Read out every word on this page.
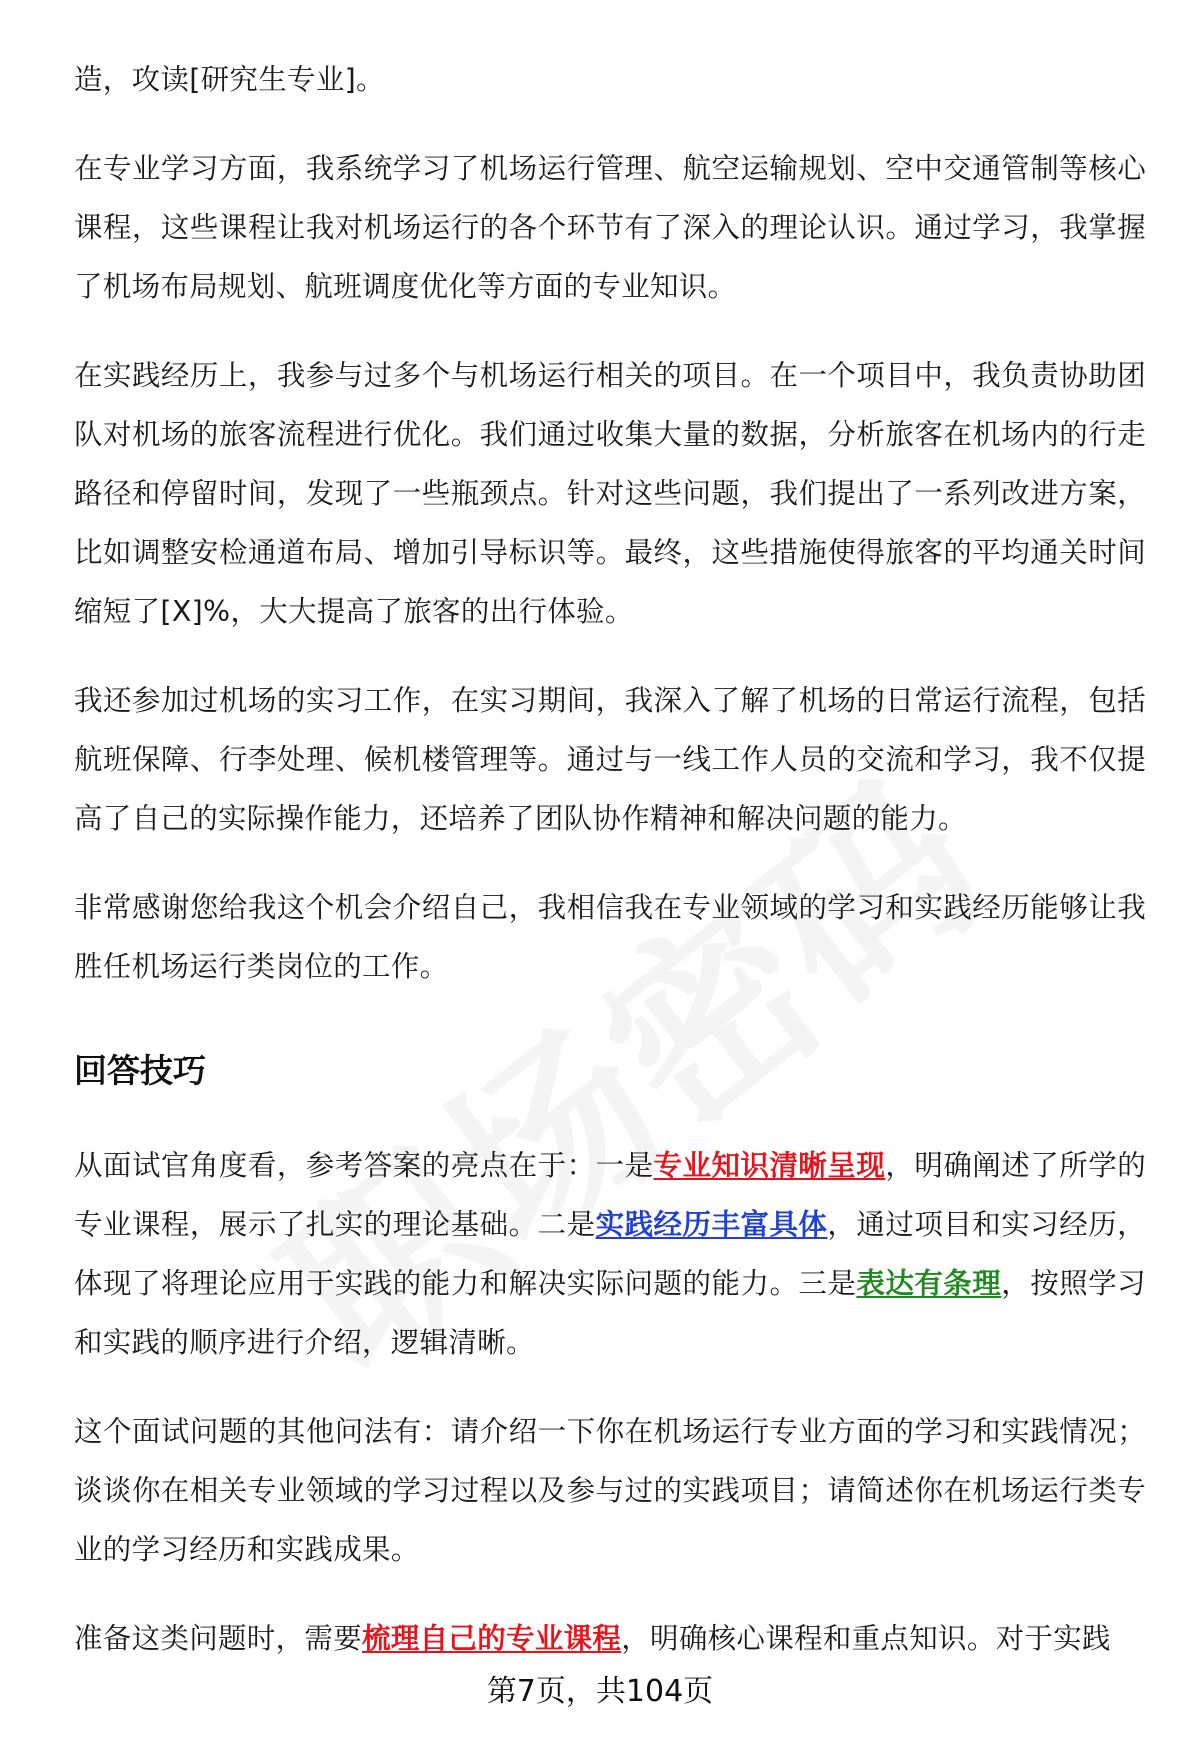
造，攻读[研究生专业]。

在专业学习方面，我系统学习了机场运行管理、航空运输规划、空中交通管制等核心课程，这些课程让我对机场运行的各个环节有了深入的理论认识。通过学习，我掌握了机场布局规划、航班调度优化等方面的专业知识。

在实践经历上，我参与过多个与机场运行相关的项目。在一个项目中，我负责协助团队对机场的旅客流程进行优化。我们通过收集大量的数据，分析旅客在机场内的行走路径和停留时间，发现了一些瓶颈点。针对这些问题，我们提出了一系列改进方案，比如调整安检通道布局、增加引导标识等。最终，这些措施使得旅客的平均通关时间缩短了[X]%，大大提高了旅客的出行体验。

我还参加过机场的实习工作，在实习期间，我深入了解了机场的日常运行流程，包括航班保障、行李处理、候机楼管理等。通过与一线工作人员的交流和学习，我不仅提高了自己的实际操作能力，还培养了团队协作精神和解决问题的能力。

非常感谢您给我这个机会介绍自己，我相信我在专业领域的学习和实践经历能够让我胜任机场运行类岗位的工作。

回答技巧

从面试官角度看，参考答案的亮点在于：一是专业知识清晰呈现，明确阐述了所学的专业课程，展示了扎实的理论基础。二是实践经历丰富具体，通过项目和实习经历，体现了将理论应用于实践的能力和解决实际问题的能力。三是表达有条理，按照学习和实践的顺序进行介绍，逻辑清晰。

这个面试问题的其他问法有：请介绍一下你在机场运行专业方面的学习和实践情况；谈谈你在相关专业领域的学习过程以及参与过的实践项目；请简述你在机场运行类专业的学习经历和实践成果。

准备这类问题时，需要梳理自己的专业课程，明确核心课程和重点知识。对于实践

第7页，共104页
